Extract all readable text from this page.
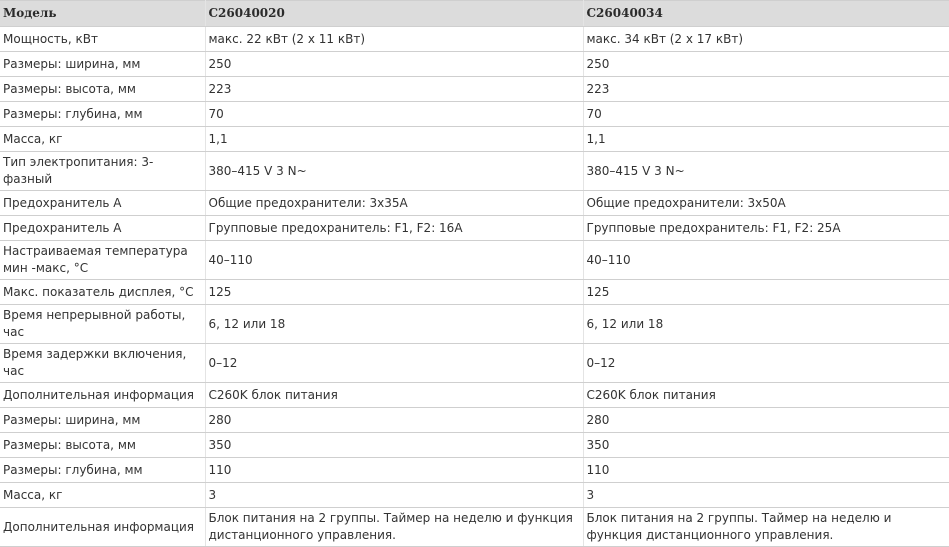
Модель	C26040020	C26040034
Мощность, кВт	макс. 22 кВт (2 x 11 кВт)	макс. 34 кВт (2 x 17 кВт)
Размеры: ширина, мм	250	250
Размеры: высота, мм	223	223
Размеры: глубина, мм	70	70
Масса, кг	1,1	1,1
Тип электропитания: 3-фазный	380–415 V 3 N~	380–415 V 3 N~
Предохранитель А	Общие предохранители: 3x35A	Общие предохранители: 3x50A
Предохранитель А	Групповые предохранитель: F1, F2: 16A	Групповые предохранитель: F1, F2: 25A
Настраиваемая температура мин -макс, °C	40–110	40–110
Макс. показатель дисплея, °C	125	125
Время непрерывной работы, час	6, 12 или 18	6, 12 или 18
Время задержки включения, час	0–12	0–12
Дополнительная информация	C260K блок питания	C260K блок питания
Размеры: ширина, мм	280	280
Размеры: высота, мм	350	350
Размеры: глубина, мм	110	110
Масса, кг	3	3
Дополнительная информация	Блок питания на 2 группы. Таймер на неделю и функция дистанционного управления.	Блок питания на 2 группы. Таймер на неделю и функция дистанционного управления.
